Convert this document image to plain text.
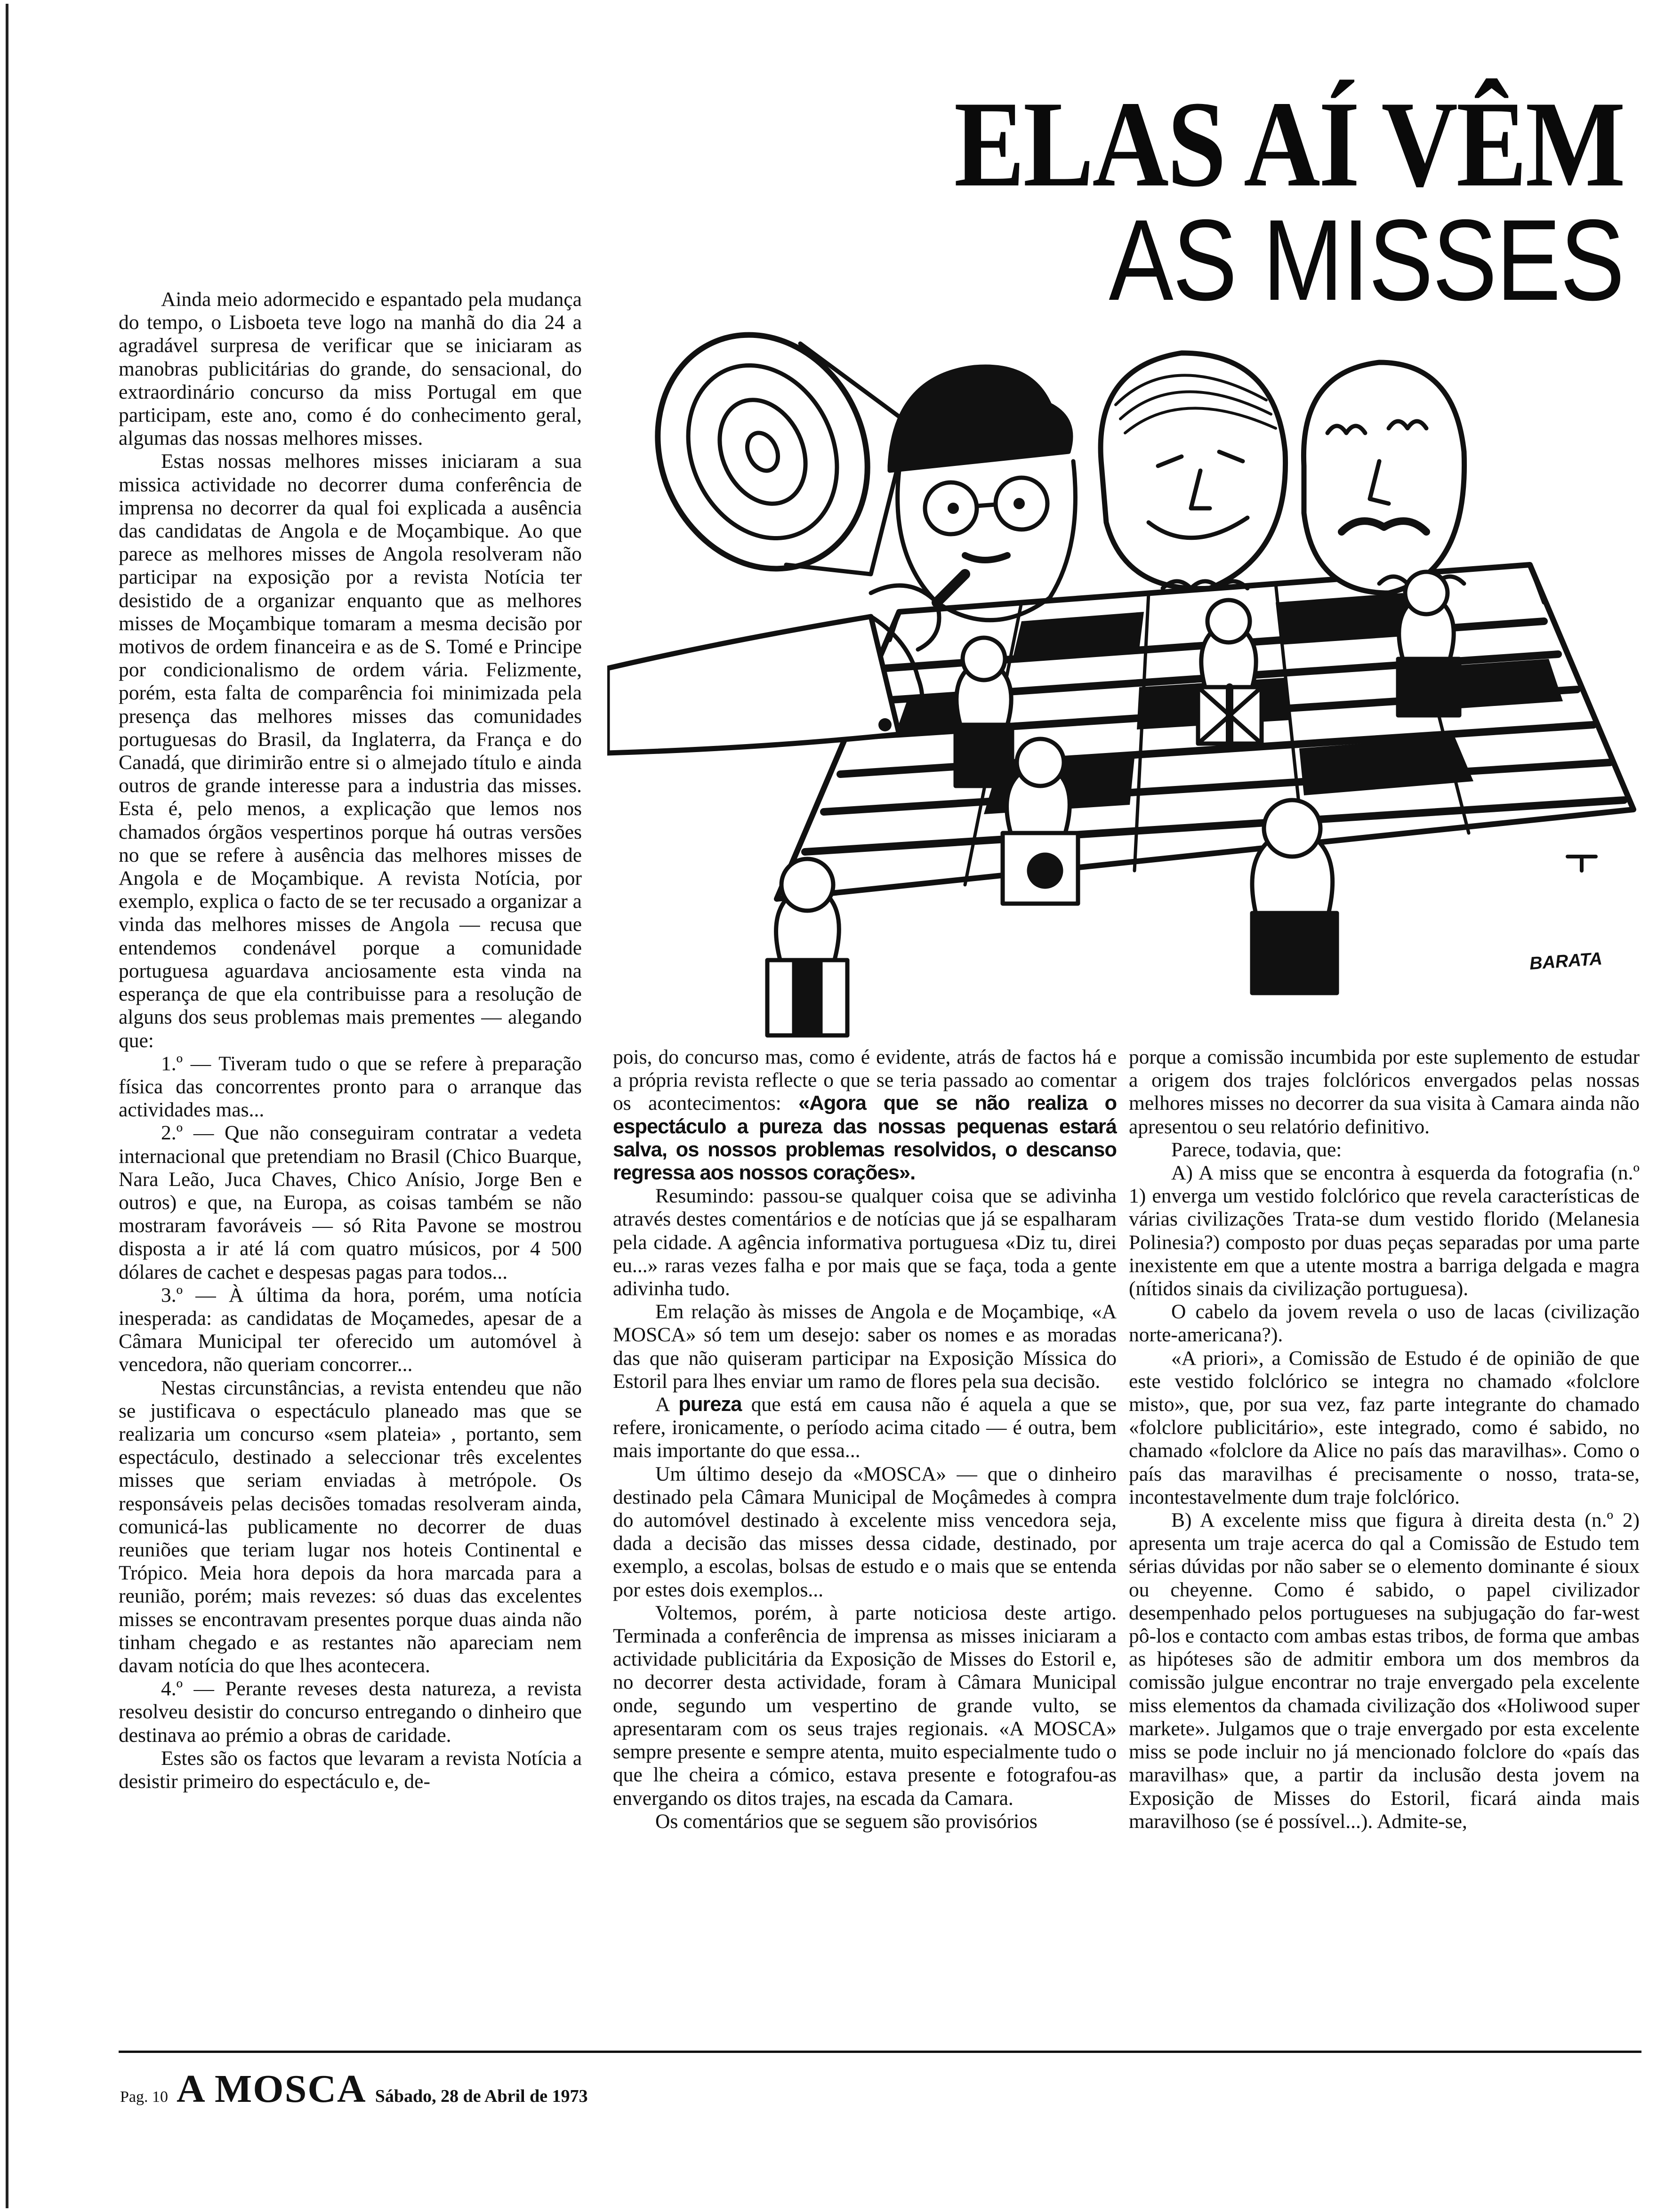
ELAS AÍ VÊM
AS MISSES
BARATA

Ainda meio adormecido e espantado pela mudança do tempo, o Lisboeta teve logo na manhã do dia 24 a agradável surpresa de verificar que se iniciaram as manobras publicitárias do grande, do sensacional, do extraordinário concurso da miss Portugal em que participam, este ano, como é do conhecimento geral, algumas das nossas melhores misses.

Estas nossas melhores misses iniciaram a sua missica actividade no decorrer duma conferência de imprensa no decorrer da qual foi explicada a ausência das candidatas de Angola e de Moçambique. Ao que parece as melhores misses de Angola resolveram não participar na exposição por a revista Notícia ter desistido de a organizar enquanto que as melhores misses de Moçambique tomaram a mesma decisão por motivos de ordem financeira e as de S. Tomé e Principe por condicionalismo de ordem vária. Felizmente, porém, esta falta de comparência foi minimizada pela presença das melhores misses das comunidades portuguesas do Brasil, da Inglaterra, da França e do Canadá, que dirimirão entre si o almejado título e ainda outros de grande interesse para a industria das misses. Esta é, pelo menos, a explicação que lemos nos chamados órgãos vespertinos porque há outras versões no que se refere à ausência das melhores misses de Angola e de Moçambique. A revista Notícia, por exemplo, explica o facto de se ter recusado a organizar a vinda das melhores misses de Angola — recusa que entendemos condenável porque a comunidade portuguesa aguardava anciosamente esta vinda na esperança de que ela contribuisse para a resolução de alguns dos seus problemas mais prementes — alegando que:

1.º — Tiveram tudo o que se refere à preparação física das concorrentes pronto para o arranque das actividades mas...

2.º — Que não conseguiram contratar a vedeta internacional que pretendiam no Brasil (Chico Buarque, Nara Leão, Juca Chaves, Chico Anísio, Jorge Ben e outros) e que, na Europa, as coisas também se não mostraram favoráveis — só Rita Pavone se mostrou disposta a ir até lá com quatro músicos, por 4 500 dólares de cachet e despesas pagas para todos...

3.º — À última da hora, porém, uma notícia inesperada: as candidatas de Moçamedes, apesar de a Câmara Municipal ter oferecido um automóvel à vencedora, não queriam concorrer...

Nestas circunstâncias, a revista entendeu que não se justificava o espectáculo planeado mas que se realizaria um concurso «sem plateia» , portanto, sem espectáculo, destinado a seleccionar três excelentes misses que seriam enviadas à metrópole. Os responsáveis pelas decisões tomadas resolveram ainda, comunicá-las publicamente no decorrer de duas reuniões que teriam lugar nos hoteis Continental e Trópico. Meia hora depois da hora marcada para a reunião, porém; mais revezes: só duas das excelentes misses se encontravam presentes porque duas ainda não tinham chegado e as restantes não apareciam nem davam notícia do que lhes acontecera.

4.º — Perante reveses desta natureza, a revista resolveu desistir do concurso entregando o dinheiro que destinava ao prémio a obras de caridade.

Estes são os factos que levaram a revista Notícia a desistir primeiro do espectáculo e, de-

pois, do concurso mas, como é evidente, atrás de factos há e a própria revista reflecte o que se teria passado ao comentar os acontecimentos: «Agora que se não realiza o espectáculo a pureza das nossas pequenas estará salva, os nossos problemas resolvidos, o descanso regressa aos nossos corações».

Resumindo: passou-se qualquer coisa que se adivinha através destes comentários e de notícias que já se espalharam pela cidade. A agência informativa portuguesa «Diz tu, direi eu...» raras vezes falha e por mais que se faça, toda a gente adivinha tudo.

Em relação às misses de Angola e de Moçambiqe, «A MOSCA» só tem um desejo: saber os nomes e as moradas das que não quiseram participar na Exposição Míssica do Estoril para lhes enviar um ramo de flores pela sua decisão.

A pureza que está em causa não é aquela a que se refere, ironicamente, o período acima citado — é outra, bem mais importante do que essa...

Um último desejo da «MOSCA» — que o dinheiro destinado pela Câmara Municipal de Moçâmedes à compra do automóvel destinado à excelente miss vencedora seja, dada a decisão das misses dessa cidade, destinado, por exemplo, a escolas, bolsas de estudo e o mais que se entenda por estes dois exemplos...

Voltemos, porém, à parte noticiosa deste artigo. Terminada a conferência de imprensa as misses iniciaram a actividade publicitária da Exposição de Misses do Estoril e, no decorrer desta actividade, foram à Câmara Municipal onde, segundo um vespertino de grande vulto, se apresentaram com os seus trajes regionais. «A MOSCA» sempre presente e sempre atenta, muito especialmente tudo o que lhe cheira a cómico, estava presente e fotografou-as envergando os ditos trajes, na escada da Camara.

Os comentários que se seguem são provisórios

porque a comissão incumbida por este suplemento de estudar a origem dos trajes folclóricos envergados pelas nossas melhores misses no decorrer da sua visita à Camara ainda não apresentou o seu relatório definitivo.

Parece, todavia, que:

A) A miss que se encontra à esquerda da fotografia (n.º 1) enverga um vestido folclórico que revela características de várias civilizações Trata-se dum vestido florido (Melanesia Polinesia?) composto por duas peças separadas por uma parte inexistente em que a utente mostra a barriga delgada e magra (nítidos sinais da civilização portuguesa).

O cabelo da jovem revela o uso de lacas (civilização norte-americana?).

«A priori», a Comissão de Estudo é de opinião de que este vestido folclórico se integra no chamado «folclore misto», que, por sua vez, faz parte integrante do chamado «folclore publicitário», este integrado, como é sabido, no chamado «folclore da Alice no país das maravilhas». Como o país das maravilhas é precisamente o nosso, trata-se, incontestavelmente dum traje folclórico.

B) A excelente miss que figura à direita desta (n.º 2) apresenta um traje acerca do qal a Comissão de Estudo tem sérias dúvidas por não saber se o elemento dominante é sioux ou cheyenne. Como é sabido, o papel civilizador desempenhado pelos portugueses na subjugação do far-west pô-los e contacto com ambas estas tribos, de forma que ambas as hipóteses são de admitir embora um dos membros da comissão julgue encontrar no traje envergado pela excelente miss elementos da chamada civilização dos «Holiwood super markete». Julgamos que o traje envergado por esta excelente miss se pode incluir no já mencionado folclore do «país das maravilhas» que, a partir da inclusão desta jovem na Exposição de Misses do Estoril, ficará ainda mais maravilhoso (se é possível...). Admite-se,

Pag. 10 A MOSCA Sábado, 28 de Abril de 1973
